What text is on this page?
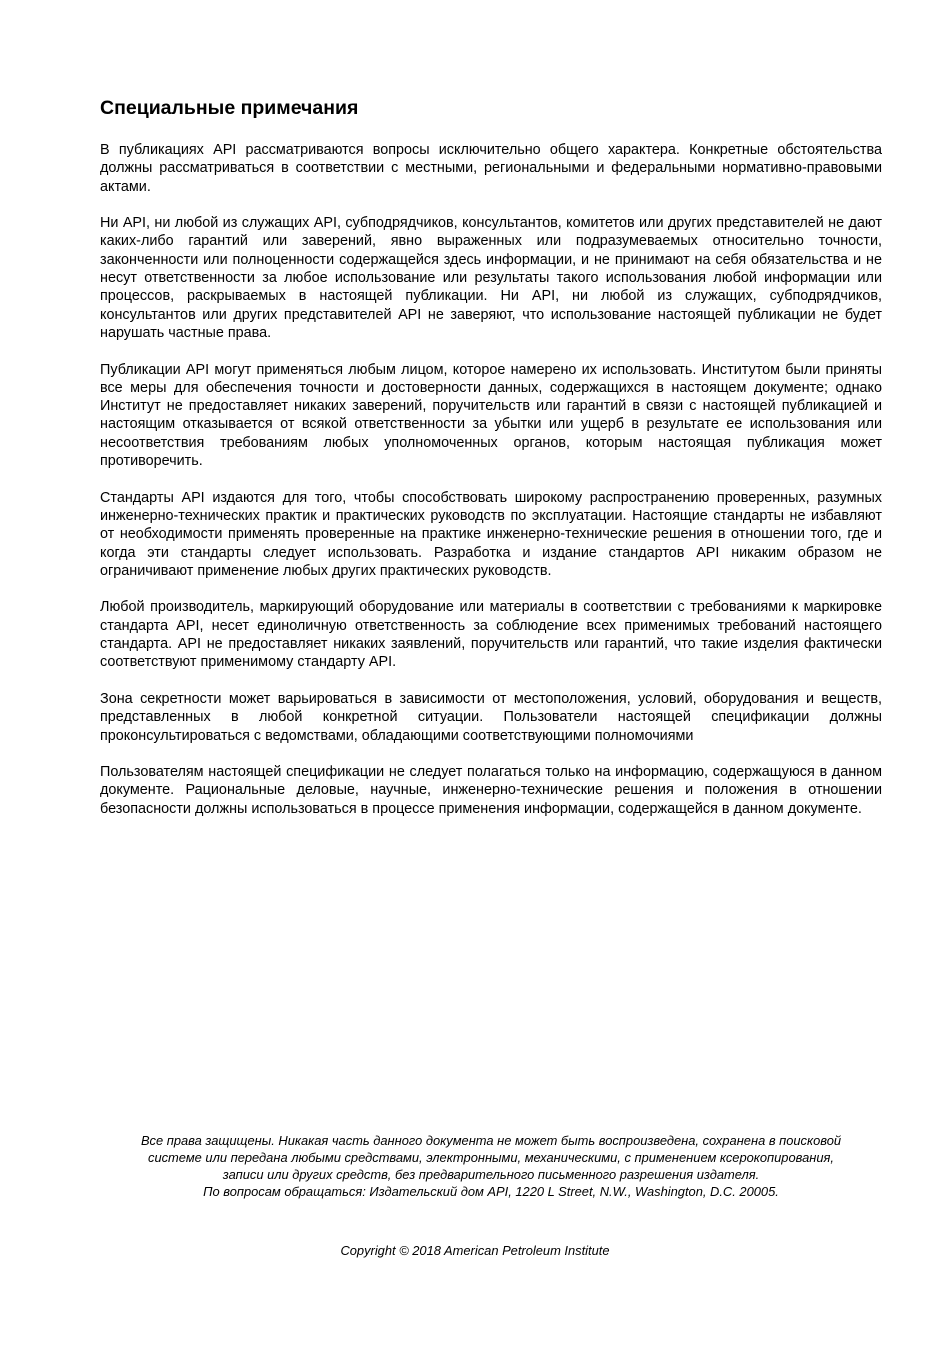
Специальные примечания

В публикациях API рассматриваются вопросы исключительно общего характера. Конкретные обстоятельства должны рассматриваться в соответствии с местными, региональными и федеральными нормативно-правовыми актами.

Ни API, ни любой из служащих API, субподрядчиков, консультантов, комитетов или других представителей не дают каких-либо гарантий или заверений, явно выраженных или подразумеваемых относительно точности, законченности или полноценности содержащейся здесь информации, и не принимают на себя обязательства и не несут ответственности за любое использование или результаты такого использования любой информации или процессов, раскрываемых в настоящей публикации. Ни API, ни любой из служащих, субподрядчиков, консультантов или других представителей API не заверяют, что использование настоящей публикации не будет нарушать частные права.

Публикации API могут применяться любым лицом, которое намерено их использовать. Институтом были приняты все меры для обеспечения точности и достоверности данных, содержащихся в настоящем документе; однако Институт не предоставляет никаких заверений, поручительств или гарантий в связи с настоящей публикацией и настоящим отказывается от всякой ответственности за убытки или ущерб в результате ее использования или несоответствия требованиям любых уполномоченных органов, которым настоящая публикация может противоречить.

Стандарты API издаются для того, чтобы способствовать широкому распространению проверенных, разумных инженерно-технических практик и практических руководств по эксплуатации. Настоящие стандарты не избавляют от необходимости применять проверенные на практике инженерно-технические решения в отношении того, где и когда эти стандарты следует использовать. Разработка и издание стандартов API никаким образом не ограничивают применение любых других практических руководств.

Любой производитель, маркирующий оборудование или материалы в соответствии с требованиями к маркировке стандарта API, несет единоличную ответственность за соблюдение всех применимых требований настоящего стандарта. API не предоставляет никаких заявлений, поручительств или гарантий, что такие изделия фактически соответствуют применимому стандарту API.

Зона секретности может варьироваться в зависимости от местоположения, условий, оборудования и веществ, представленных в любой конкретной ситуации. Пользователи настоящей спецификации должны проконсультироваться с ведомствами, обладающими соответствующими полномочиями

Пользователям настоящей спецификации не следует полагаться только на информацию, содержащуюся в данном документе. Рациональные деловые, научные, инженерно-технические решения и положения в отношении безопасности должны использоваться в процессе применения информации, содержащейся в данном документе.

Все права защищены. Никакая часть данного документа не может быть воспроизведена, сохранена в поисковой
системе или передана любыми средствами, электронными, механическими, с применением ксерокопирования,
записи или других средств, без предварительного письменного разрешения издателя.
По вопросам обращаться: Издательский дом API, 1220 L Street, N.W., Washington, D.C. 20005.
Copyright © 2018 American Petroleum Institute
